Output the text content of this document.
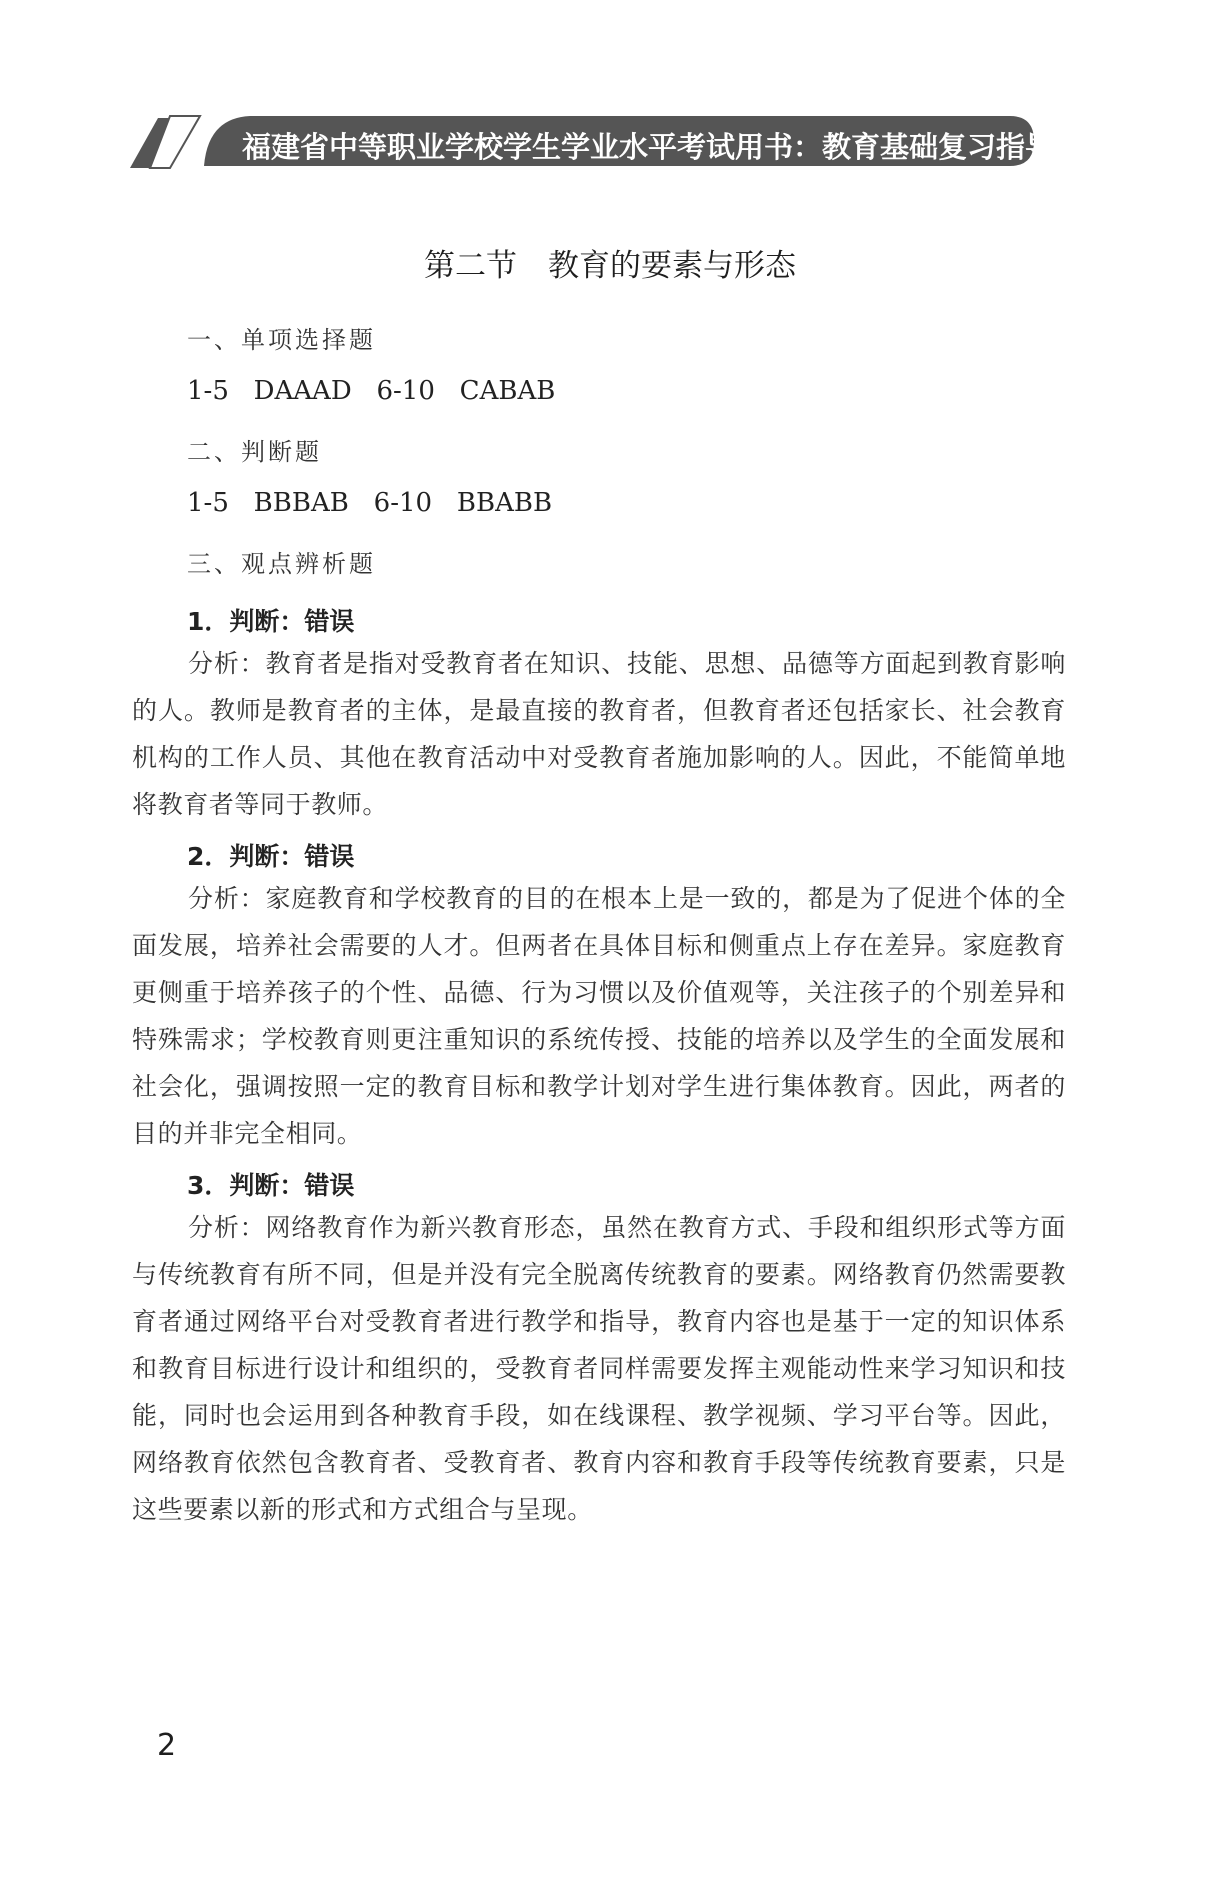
福建省中等职业学校学生学业水平考试用书：教育基础复习指导
第二节　教育的要素与形态
一、单项选择题
1-5   DAAAD   6-10   CABAB
二、判断题
1-5   BBBAB   6-10   BBABB
三、观点辨析题
1．判断：错误
分析：教育者是指对受教育者在知识、技能、思想、品德等方面起到教育影响的人。教师是教育者的主体，是最直接的教育者，但教育者还包括家长、社会教育机构的工作人员、其他在教育活动中对受教育者施加影响的人。因此，不能简单地将教育者等同于教师。
2．判断：错误
分析：家庭教育和学校教育的目的在根本上是一致的，都是为了促进个体的全面发展，培养社会需要的人才。但两者在具体目标和侧重点上存在差异。家庭教育更侧重于培养孩子的个性、品德、行为习惯以及价值观等，关注孩子的个别差异和特殊需求；学校教育则更注重知识的系统传授、技能的培养以及学生的全面发展和社会化，强调按照一定的教育目标和教学计划对学生进行集体教育。因此，两者的目的并非完全相同。
3．判断：错误
分析：网络教育作为新兴教育形态，虽然在教育方式、手段和组织形式等方面与传统教育有所不同，但是并没有完全脱离传统教育的要素。网络教育仍然需要教育者通过网络平台对受教育者进行教学和指导，教育内容也是基于一定的知识体系和教育目标进行设计和组织的，受教育者同样需要发挥主观能动性来学习知识和技能，同时也会运用到各种教育手段，如在线课程、教学视频、学习平台等。因此，网络教育依然包含教育者、受教育者、教育内容和教育手段等传统教育要素，只是这些要素以新的形式和方式组合与呈现。
2
